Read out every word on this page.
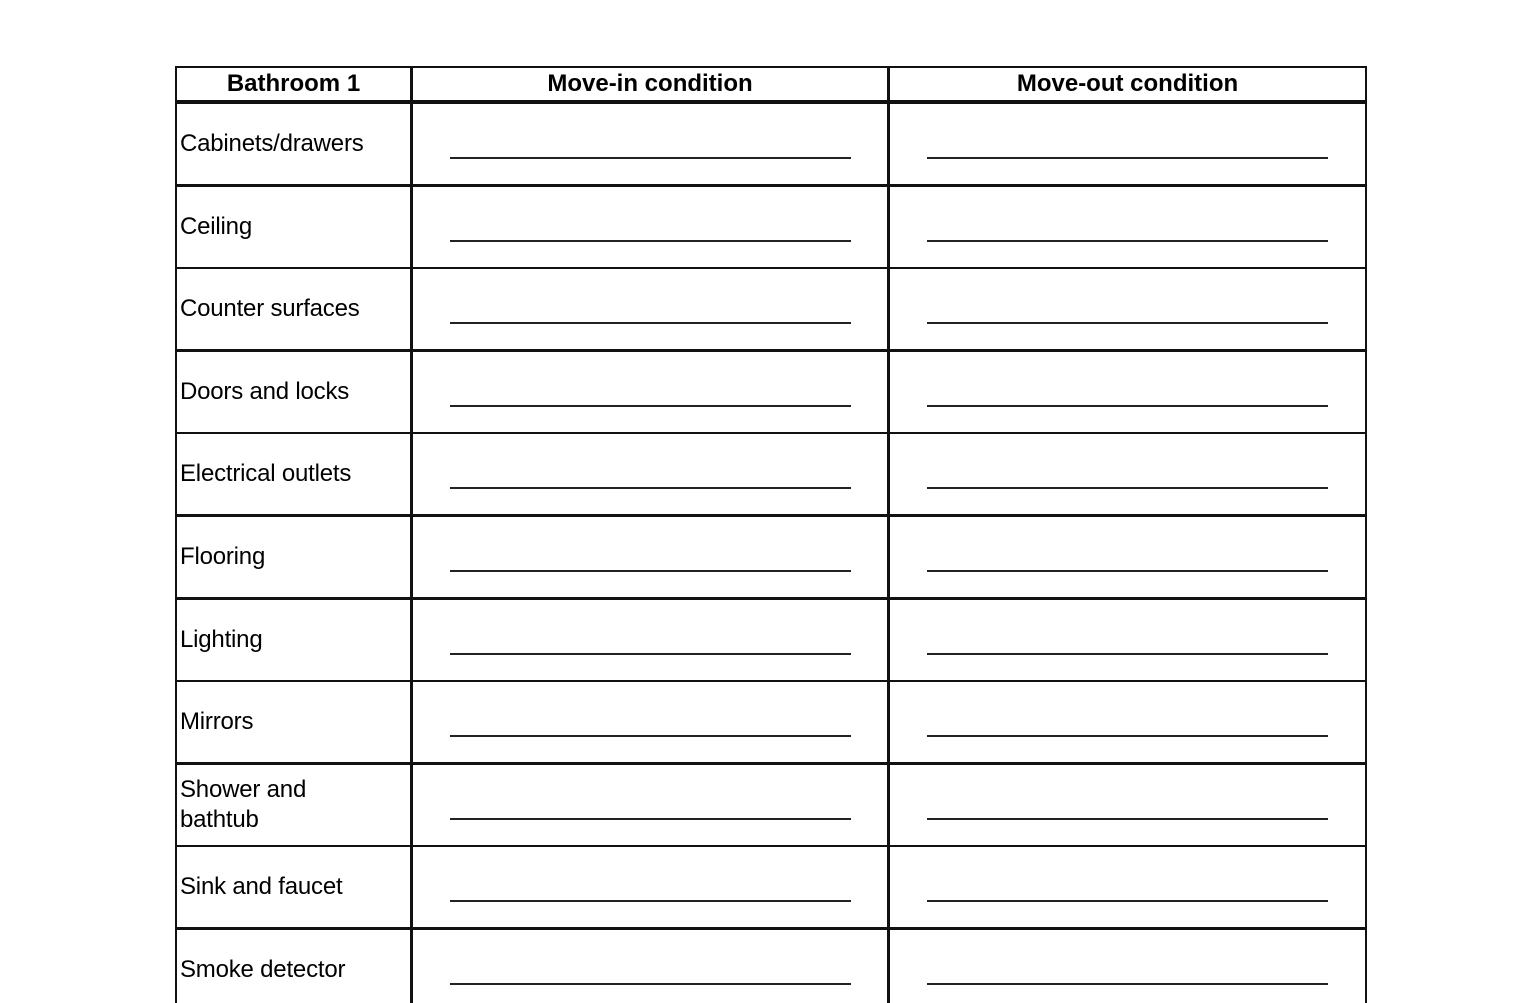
Bathroom 1	Move-in condition	Move-out condition
Cabinets/drawers
Ceiling
Counter surfaces
Doors and locks
Electrical outlets
Flooring
Lighting
Mirrors
Shower and bathtub
Sink and faucet
Smoke detector
